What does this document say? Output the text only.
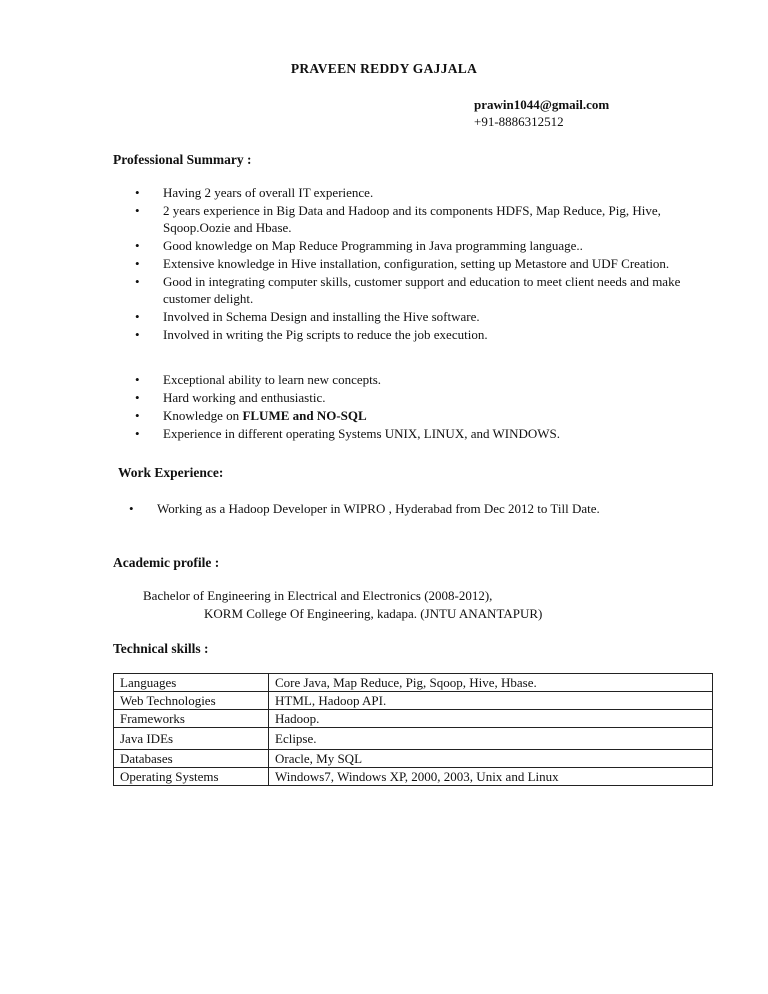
PRAVEEN REDDY GAJJALA
prawin1044@gmail.com
+91-8886312512
Professional Summary :
• Having 2 years of overall IT experience.
• 2 years experience in Big Data and Hadoop and its components HDFS, Map Reduce, Pig, Hive, Sqoop.Oozie and Hbase.
• Good knowledge on Map Reduce Programming in Java programming language..
• Extensive knowledge in Hive installation, configuration, setting up Metastore and UDF Creation.
• Good in integrating computer skills, customer support and education to meet client needs and make customer delight.
• Involved in Schema Design and installing the Hive software.
• Involved in writing the Pig scripts to reduce the job execution.
• Exceptional ability to learn new concepts.
• Hard working and enthusiastic.
• Knowledge on FLUME and NO-SQL
• Experience in different operating Systems UNIX, LINUX, and WINDOWS.
Work Experience:
• Working as a Hadoop Developer in WIPRO , Hyderabad from Dec 2012 to Till Date.
Academic profile :
Bachelor of Engineering in Electrical and Electronics (2008-2012),
KORM College Of Engineering, kadapa. (JNTU ANANTAPUR)
Technical skills :
Languages	Core Java, Map Reduce, Pig, Sqoop, Hive, Hbase.
Web Technologies	HTML, Hadoop API.
Frameworks	Hadoop.
Java IDEs	Eclipse.
Databases	Oracle, My SQL
Operating Systems	Windows7, Windows XP, 2000, 2003, Unix and Linux
